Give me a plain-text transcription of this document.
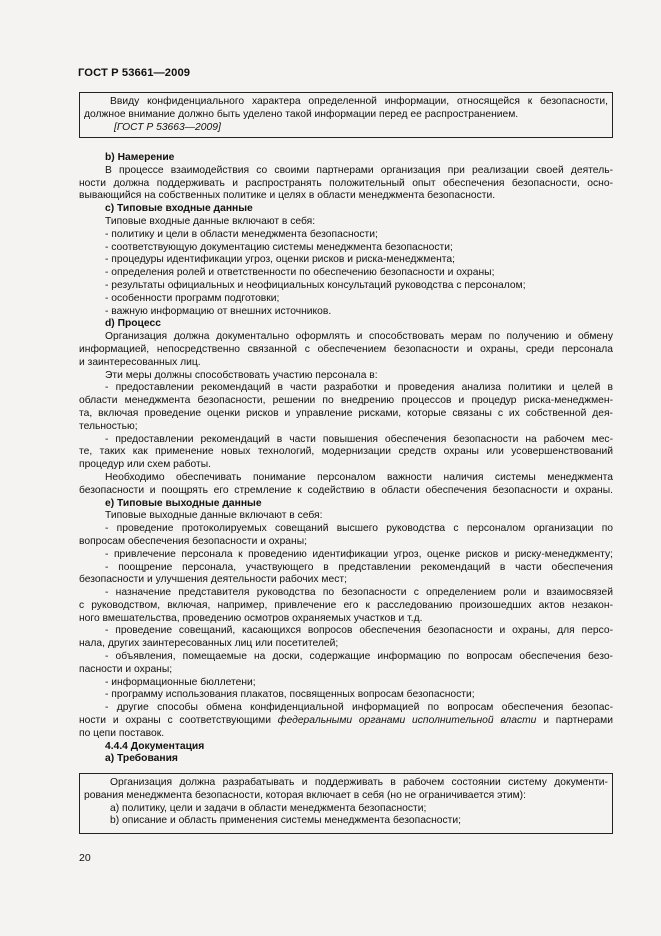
ГОСТ Р 53661—2009

Ввиду конфиденциального характера определенной информации, относящейся к безопасности,

должное внимание должно быть уделено такой информации перед ее распространением.

[ГОСТ Р 53663—2009]

b) Намерение

В процессе взаимодействия со своими партнерами организация при реализации своей деятель-

ности должна поддерживать и распространять положительный опыт обеспечения безопасности, осно-

вывающийся на собственных политике и целях в области менеджмента безопасности.

c) Типовые входные данные

Типовые входные данные включают в себя:

- политику и цели в области менеджмента безопасности;

- соответствующую документацию системы менеджмента безопасности;

- процедуры идентификации угроз, оценки рисков и риска-менеджмента;

- определения ролей и ответственности по обеспечению безопасности и охраны;

- результаты официальных и неофициальных консультаций руководства с персоналом;

- особенности программ подготовки;

- важную информацию от внешних источников.

d) Процесс

Организация должна документально оформлять и способствовать мерам по получению и обмену

информацией, непосредственно связанной с обеспечением безопасности и охраны, среди персонала

и заинтересованных лиц.

Эти меры должны способствовать участию персонала в:

- предоставлении рекомендаций в части разработки и проведения анализа политики и целей в

области менеджмента безопасности, решении по внедрению процессов и процедур риска-менеджмен-

та, включая проведение оценки рисков и управление рисками, которые связаны с их собственной дея-

тельностью;

- предоставлении рекомендаций в части повышения обеспечения безопасности на рабочем мес-

те, таких как применение новых технологий, модернизации средств охраны или усовершенствований

процедур или схем работы.

Необходимо обеспечивать понимание персоналом важности наличия системы менеджмента

безопасности и поощрять его стремление к содействию в области обеспечения безопасности и охраны.

e) Типовые выходные данные

Типовые выходные данные включают в себя:

- проведение протоколируемых совещаний высшего руководства с персоналом организации по

вопросам обеспечения безопасности и охраны;

- привлечение персонала к проведению идентификации угроз, оценке рисков и риску-менеджменту;

- поощрение персонала, участвующего в представлении рекомендаций в части обеспечения

безопасности и улучшения деятельности рабочих мест;

- назначение представителя руководства по безопасности с определением роли и взаимосвязей

с руководством, включая, например, привлечение его к расследованию произошедших актов незакон-

ного вмешательства, проведению осмотров охраняемых участков и т.д.

- проведение совещаний, касающихся вопросов обеспечения безопасности и охраны, для персо-

нала, других заинтересованных лиц или посетителей;

- объявления, помещаемые на доски, содержащие информацию по вопросам обеспечения безо-

пасности и охраны;

- информационные бюллетени;

- программу использования плакатов, посвященных вопросам безопасности;

- другие способы обмена конфиденциальной информацией по вопросам обеспечения безопас-

ности и охраны с соответствующими федеральными органами исполнительной власти и партнерами

по цепи поставок.

4.4.4 Документация

a) Требования

Организация должна разрабатывать и поддерживать в рабочем состоянии систему документи-

рования менеджмента безопасности, которая включает в себя (но не ограничивается этим):

a) политику, цели и задачи в области менеджмента безопасности;

b) описание и область применения системы менеджмента безопасности;

20
